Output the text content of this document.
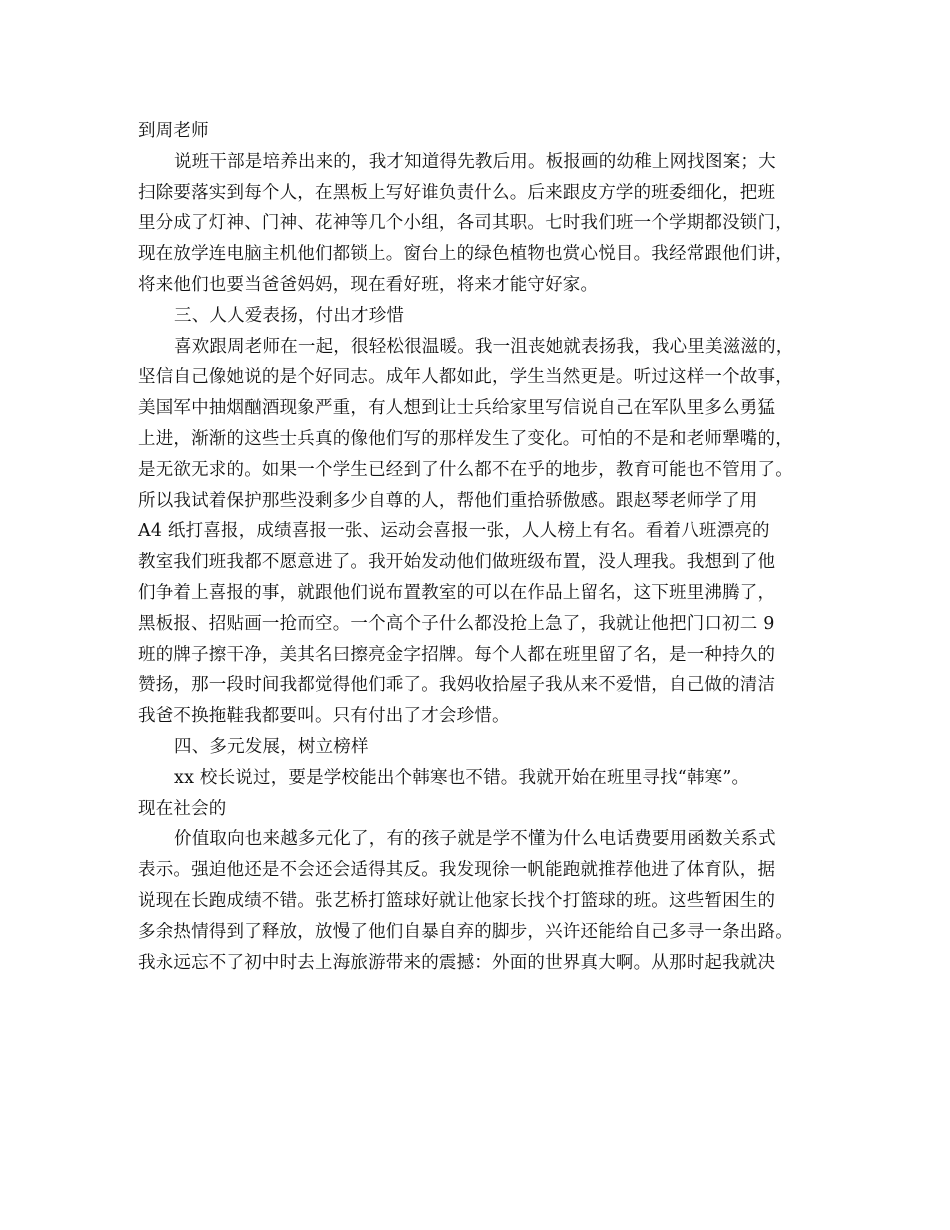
到周老师
说班干部是培养出来的，我才知道得先教后用。板报画的幼稚上网找图案；大
扫除要落实到每个人，在黑板上写好谁负责什么。后来跟皮方学的班委细化，把班
里分成了灯神、门神、花神等几个小组，各司其职。七时我们班一个学期都没锁门，
现在放学连电脑主机他们都锁上。窗台上的绿色植物也赏心悦目。我经常跟他们讲，
将来他们也要当爸爸妈妈，现在看好班，将来才能守好家。
三、人人爱表扬，付出才珍惜
喜欢跟周老师在一起，很轻松很温暖。我一沮丧她就表扬我，我心里美滋滋的，
坚信自己像她说的是个好同志。成年人都如此，学生当然更是。听过这样一个故事，
美国军中抽烟酗酒现象严重，有人想到让士兵给家里写信说自己在军队里多么勇猛
上进，渐渐的这些士兵真的像他们写的那样发生了变化。可怕的不是和老师犟嘴的，
是无欲无求的。如果一个学生已经到了什么都不在乎的地步，教育可能也不管用了。
所以我试着保护那些没剩多少自尊的人，帮他们重拾骄傲感。跟赵琴老师学了用
A4 纸打喜报，成绩喜报一张、运动会喜报一张，人人榜上有名。看着八班漂亮的
教室我们班我都不愿意进了。我开始发动他们做班级布置，没人理我。我想到了他
们争着上喜报的事，就跟他们说布置教室的可以在作品上留名，这下班里沸腾了，
黑板报、招贴画一抢而空。一个高个子什么都没抢上急了，我就让他把门口初二 9
班的牌子擦干净，美其名曰擦亮金字招牌。每个人都在班里留了名，是一种持久的
赞扬，那一段时间我都觉得他们乖了。我妈收拾屋子我从来不爱惜，自己做的清洁
我爸不换拖鞋我都要叫。只有付出了才会珍惜。
四、多元发展，树立榜样
xx 校长说过，要是学校能出个韩寒也不错。我就开始在班里寻找“韩寒”。
现在社会的
价值取向也来越多元化了，有的孩子就是学不懂为什么电话费要用函数关系式
表示。强迫他还是不会还会适得其反。我发现徐一帆能跑就推荐他进了体育队，据
说现在长跑成绩不错。张艺桥打篮球好就让他家长找个打篮球的班。这些暂困生的
多余热情得到了释放，放慢了他们自暴自弃的脚步，兴许还能给自己多寻一条出路。
我永远忘不了初中时去上海旅游带来的震撼：外面的世界真大啊。从那时起我就决
